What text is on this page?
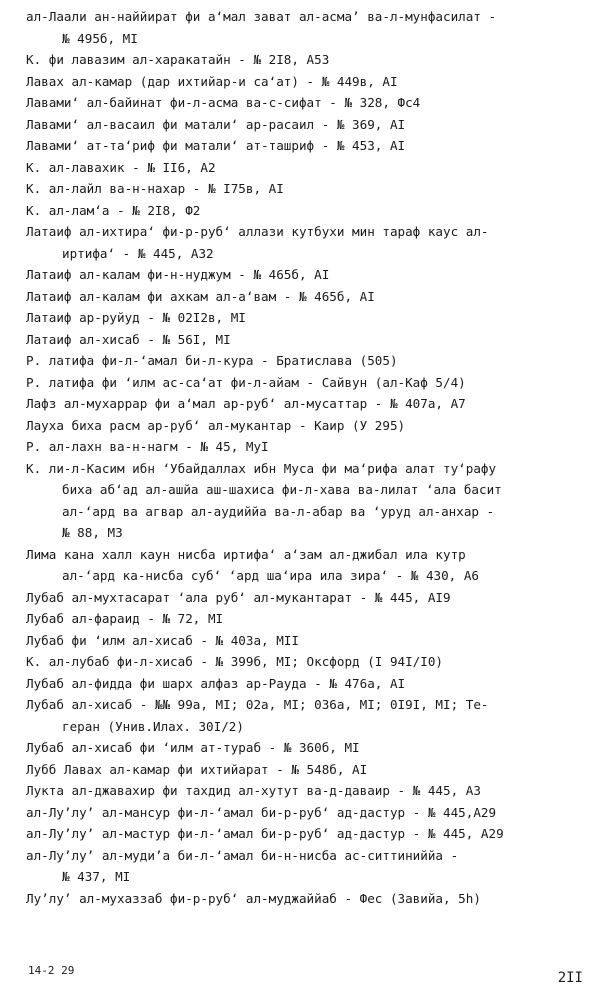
ал-Лаали ан-наййират фи а‘мал зават ал-асма’ ва-л-мунфасилат -
№ 495б, МI

К. фи лавазим ал-харакатайн - № 2I8, А53

Лавах ал-камар (дар ихтийар-и са‘ат) - № 449в, АI

Лавами‘ ал-байинат фи-л-асма ва-с-сифат - № 328, Фс4

Лавами‘ ал-васаил фи матали‘ ар-расаил - № 369, АI

Лавами‘ ат-та‘риф фи матали‘ ат-ташриф - № 453, АI

К. ал-лавахик - № II6, А2

К. ал-лайл ва-н-нахар - № I75в, АI

К. ал-лам‘а - № 2I8, Ф2

Латаиф ал-ихтира‘ фи-р-руб‘ аллази кутбухи мин тараф каус ал-
иртифа‘ - № 445, А32

Латаиф ал-калам фи-н-нуджум - № 465б, АI

Латаиф ал-калам фи ахкам ал-а‘вам - № 465б, АI

Латаиф ар-руйуд - № 02I2в, МI

Латаиф ал-хисаб - № 56I, МI

Р. латифа фи-л-‘амал би-л-кура - Братислава (505)

Р. латифа фи ‘илм ас-са‘ат фи-л-айам - Сайвун (ал-Каф 5/4)

Лафз ал-мухаррар фи а‘мал ар-руб‘ ал-мусаттар - № 407а, А7

Лауха биха расм ар-руб‘ ал-мукантар - Каир (У 295)

Р. ал-лахн ва-н-нагм - № 45, МуI

К. ли-л-Касим ибн ‘Убайдаллах ибн Муса фи ма‘рифа алат ту‘рафу
биха аб‘ад ал-ашйа аш-шахиса фи-л-хава ва-лилат ‘ала басит
ал-‘ард ва агвар ал-аудиййа ва-л-абар ва ‘уруд ал-анхар -
№ 88, М3

Лима кана халл каун нисба иртифа‘ а‘зам ал-джибал ила кутр
ал-‘ард ка-нисба суб‘ ‘ард ша‘ира ила зира‘ - № 430, А6

Лубаб ал-мухтасарат ‘ала руб‘ ал-мукантарат - № 445, АI9

Лубаб ал-фараид - № 72, МI

Лубаб фи ‘илм ал-хисаб - № 403а, МII

К. ал-лубаб фи-л-хисаб - № 399б, МI; Оксфорд (I 94I/I0)

Лубаб ал-фидда фи шарх алфаз ар-Рауда - № 476а, АI

Лубаб ал-хисаб - №№ 99а, МI; 02а, МI; 036а, МI; 0I9I, МI; Те-
геран (Унив.Илах. 30I/2)

Лубаб ал-хисаб фи ‘илм ат-тураб - № 360б, МI

Лубб Лавах ал-камар фи ихтийарат - № 548б, АI

Лукта ал-джавахир фи тахдид ал-хутут ва-д-даваир - № 445, А3

ал-Лу’лу’ ал-мансур фи-л-‘амал би-р-руб‘ ад-дастур - № 445,А29

ал-Лу’лу’ ал-мастур фи-л-‘амал би-р-руб‘ ад-дастур - № 445, А29

ал-Лу’лу’ ал-муди’а би-л-‘амал би-н-нисба ас-ситтиниййа -
№ 437, МI

Лу’лу’ ал-мухаззаб фи-р-руб‘ ал-муджаййаб - Фес (Завийа, 5h)

14-2 29	2II
